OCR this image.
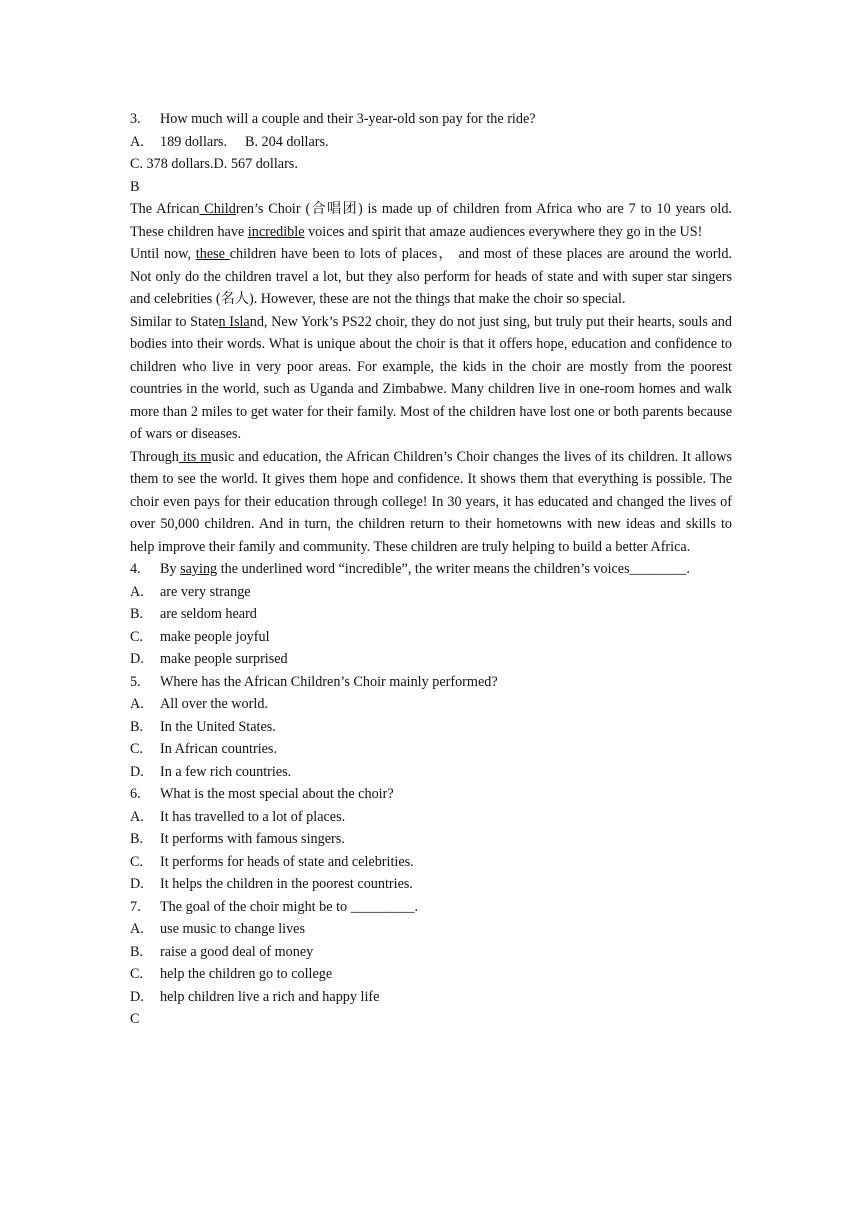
3. How much will a couple and their 3-year-old son pay for the ride?
A. 189 dollars. B. 204 dollars.
C. 378 dollars.D. 567 dollars.
B
The African Children’s Choir (合唱团) is made up of children from Africa who are 7 to 10 years old. These children have incredible voices and spirit that amaze audiences everywhere they go in the US!
Until now, these children have been to lots of places， and most of these places are around the world. Not only do the children travel a lot, but they also perform for heads of state and with super star singers and celebrities (名人). However, these are not the things that make the choir so special.
Similar to Staten Island, New York’s PS22 choir, they do not just sing, but truly put their hearts, souls and bodies into their words. What is unique about the choir is that it offers hope, education and confidence to children who live in very poor areas. For example, the kids in the choir are mostly from the poorest countries in the world, such as Uganda and Zimbabwe. Many children live in one-room homes and walk more than 2 miles to get water for their family. Most of the children have lost one or both parents because of wars or diseases.
Through its music and education, the African Children’s Choir changes the lives of its children. It allows them to see the world. It gives them hope and confidence. It shows them that everything is possible. The choir even pays for their education through college! In 30 years, it has educated and changed the lives of over 50,000 children. And in turn, the children return to their hometowns with new ideas and skills to help improve their family and community. These children are truly helping to build a better Africa.
4. By saying the underlined word “incredible”, the writer means the children’s voices________.
A. are very strange
B. are seldom heard
C. make people joyful
D. make people surprised
5. Where has the African Children’s Choir mainly performed?
A. All over the world.
B. In the United States.
C. In African countries.
D. In a few rich countries.
6. What is the most special about the choir?
A. It has travelled to a lot of places.
B. It performs with famous singers.
C. It performs for heads of state and celebrities.
D. It helps the children in the poorest countries.
7. The goal of the choir might be to _________.
A. use music to change lives
B. raise a good deal of money
C. help the children go to college
D. help children live a rich and happy life
C
